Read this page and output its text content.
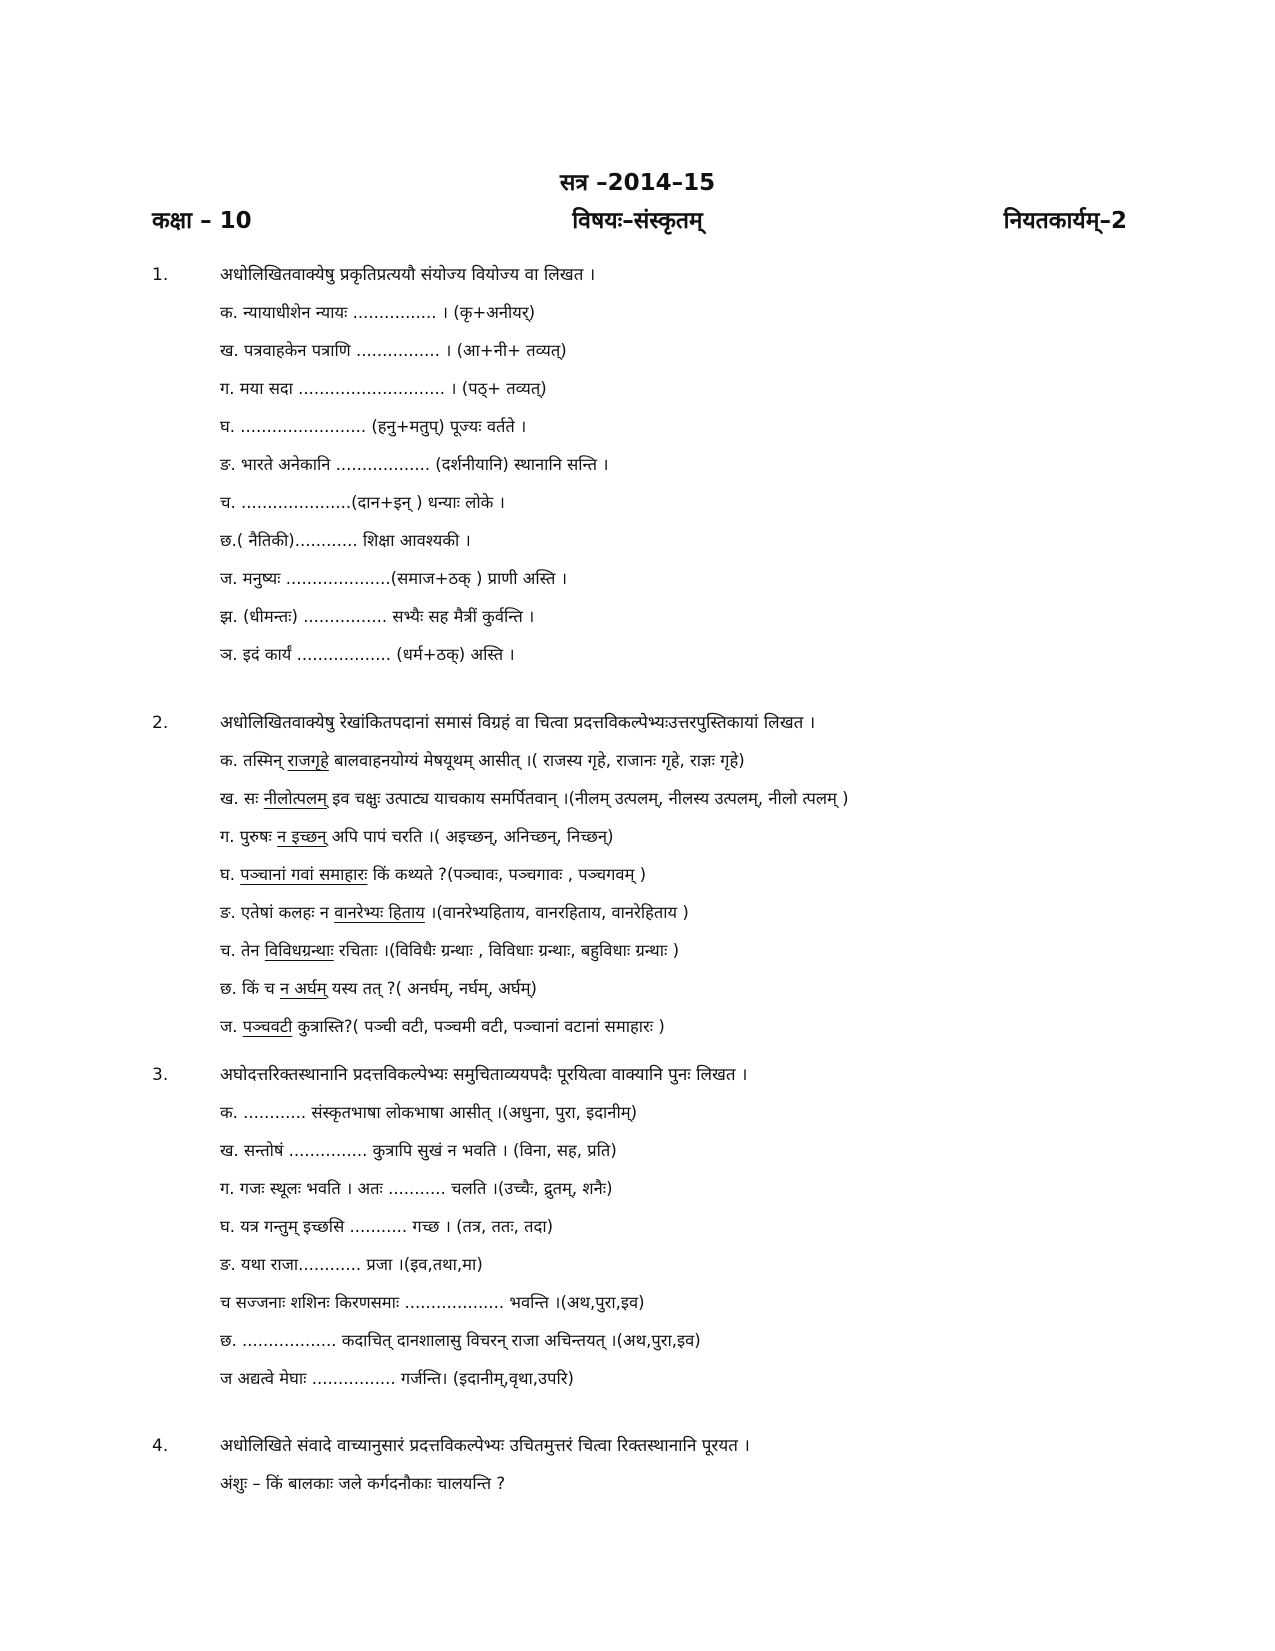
सत्र –2014–15
कक्षा – 10	विषयः–संस्कृतम्	नियतकार्यम्–2
1.	अधोलिखितवाक्येषु प्रकृतिप्रत्ययौ संयोज्य वियोज्य वा लिखत ।
क. न्यायाधीशेन न्यायः ................ । (कृ+अनीयर्)
ख. पत्रवाहकेन पत्राणि ................ । (आ+नी+ तव्यत्)
ग. मया सदा ............................ । (पठ्+ तव्यत्)
घ. ........................ (हनु+मतुप्) पूज्यः वर्तते ।
ङ. भारते अनेकानि .................. (दर्शनीयानि) स्थानानि सन्ति ।
च. .....................(दान+इन् ) धन्याः लोके ।
छ.( नैतिकी)............ शिक्षा आवश्यकी ।
ज. मनुष्यः ....................(समाज+ठक् ) प्राणी अस्ति ।
झ. (धीमन्तः) ................ सभ्यैः सह मैत्रीं कुर्वन्ति ।
ञ. इदं कार्यं .................. (धर्म+ठक्) अस्ति ।
2.	अधोलिखितवाक्येषु रेखांकितपदानां समासं विग्रहं वा चित्वा प्रदत्तविकल्पेभ्यःउत्तरपुस्तिकायां लिखत ।
क. तस्मिन् राजगृहे बालवाहनयोग्यं मेषयूथम् आसीत् ।( राजस्य गृहे, राजानः गृहे, राज्ञः गृहे)
ख. सः नीलोत्पलम् इव चक्षुः उत्पाट्य याचकाय समर्पितवान् ।(नीलम् उत्पलम्, नीलस्य उत्पलम्, नीलो त्पलम् )
ग. पुरुषः न इच्छन् अपि पापं चरति ।( अइच्छन्, अनिच्छन्, निच्छन्)
घ. पञ्चानां गवां समाहारः किं कथ्यते ?(पञ्चावः, पञ्चगावः , पञ्चगवम् )
ङ. एतेषां कलहः न वानरेभ्यः हिताय ।(वानरेभ्यहिताय, वानरहिताय, वानरेहिताय )
च. तेन विविधग्रन्थाः रचिताः ।(विविधैः ग्रन्थाः , विविधाः ग्रन्थाः, बहुविधाः ग्रन्थाः )
छ. किं च न अर्घम् यस्य तत् ?( अनर्घम्, नर्घम्, अर्घम्)
ज. पञ्चवटी कुत्रास्ति?( पञ्ची वटी, पञ्चमी वटी, पञ्चानां वटानां समाहारः )
3.	अघोदत्तरिक्तस्थानानि प्रदत्तविकल्पेभ्यः समुचिताव्ययपदैः पूरयित्वा वाक्यानि पुनः लिखत ।
क. ............ संस्कृतभाषा लोकभाषा आसीत् ।(अधुना, पुरा, इदानीम्)
ख. सन्तोषं ............... कुत्रापि सुखं न भवति । (विना, सह, प्रति)
ग. गजः स्थूलः भवति । अतः ........... चलति ।(उच्चैः, द्रुतम्, शनैः)
घ. यत्र गन्तुम् इच्छसि ........... गच्छ । (तत्र, ततः, तदा)
ङ. यथा राजा............ प्रजा ।(इव,तथा,मा)
च सज्जनाः शशिनः किरणसमाः ................... भवन्ति ।(अथ,पुरा,इव)
छ. .................. कदाचित् दानशालासु विचरन् राजा अचिन्तयत् ।(अथ,पुरा,इव)
ज अद्यत्वे मेघाः ................ गर्जन्ति। (इदानीम्,वृथा,उपरि)
4.	अधोलिखिते संवादे वाच्यानुसारं प्रदत्तविकल्पेभ्यः उचितमुत्तरं चित्वा रिक्तस्थानानि पूरयत ।
अंशुः – किं बालकाः जले कर्गदनौकाः चालयन्ति ?
